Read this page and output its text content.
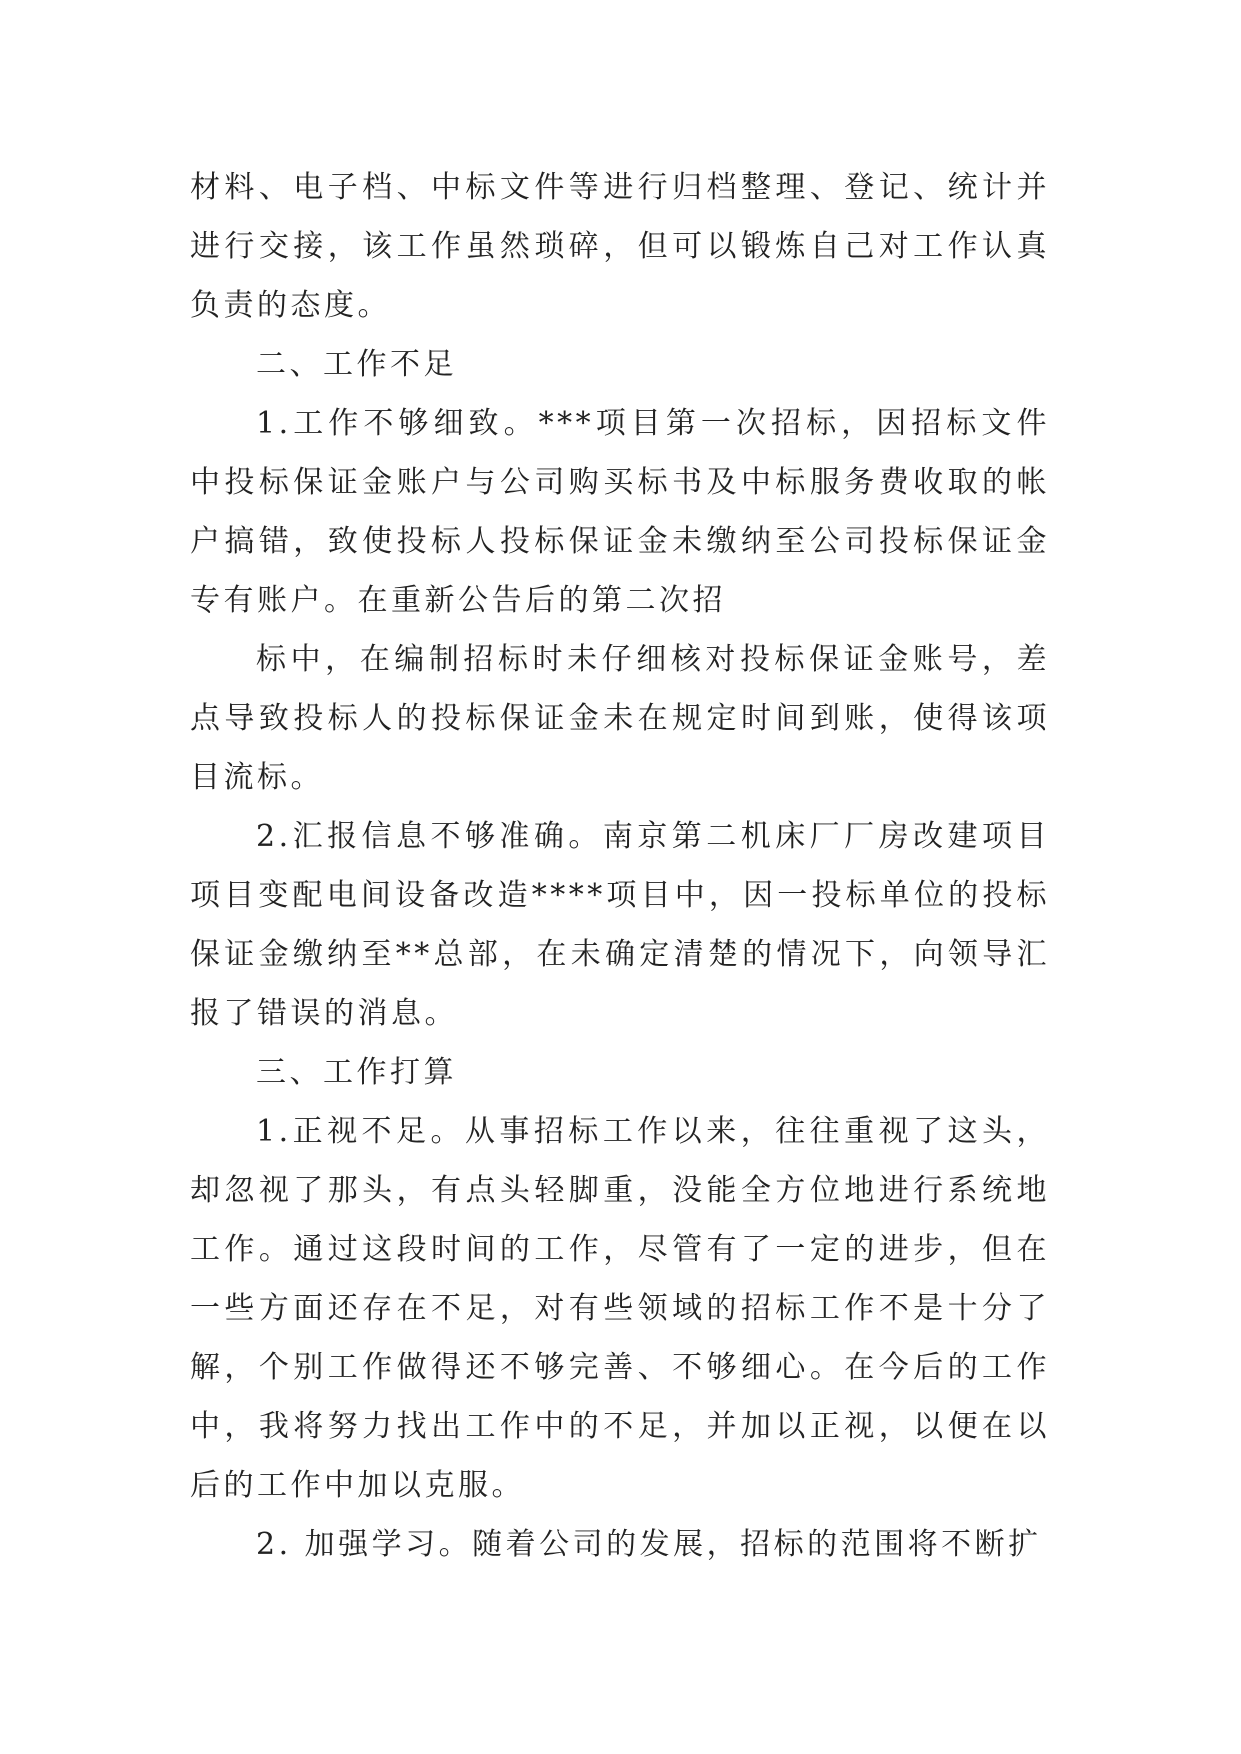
材料、电子档、中标文件等进行归档整理、登记、统计并进行交接，该工作虽然琐碎，但可以锻炼自己对工作认真负责的态度。

二、工作不足

1.工作不够细致。***项目第一次招标，因招标文件中投标保证金账户与公司购买标书及中标服务费收取的帐户搞错，致使投标人投标保证金未缴纳至公司投标保证金专有账户。在重新公告后的第二次招

标中，在编制招标时未仔细核对投标保证金账号，差点导致投标人的投标保证金未在规定时间到账，使得该项目流标。

2.汇报信息不够准确。南京第二机床厂厂房改建项目项目变配电间设备改造****项目中，因一投标单位的投标保证金缴纳至**总部，在未确定清楚的情况下，向领导汇报了错误的消息。

三、工作打算

1.正视不足。从事招标工作以来，往往重视了这头，却忽视了那头，有点头轻脚重，没能全方位地进行系统地工作。通过这段时间的工作，尽管有了一定的进步，但在一些方面还存在不足，对有些领域的招标工作不是十分了解，个别工作做得还不够完善、不够细心。在今后的工作中，我将努力找出工作中的不足，并加以正视，以便在以后的工作中加以克服。

2. 加强学习。随着公司的发展，招标的范围将不断扩
